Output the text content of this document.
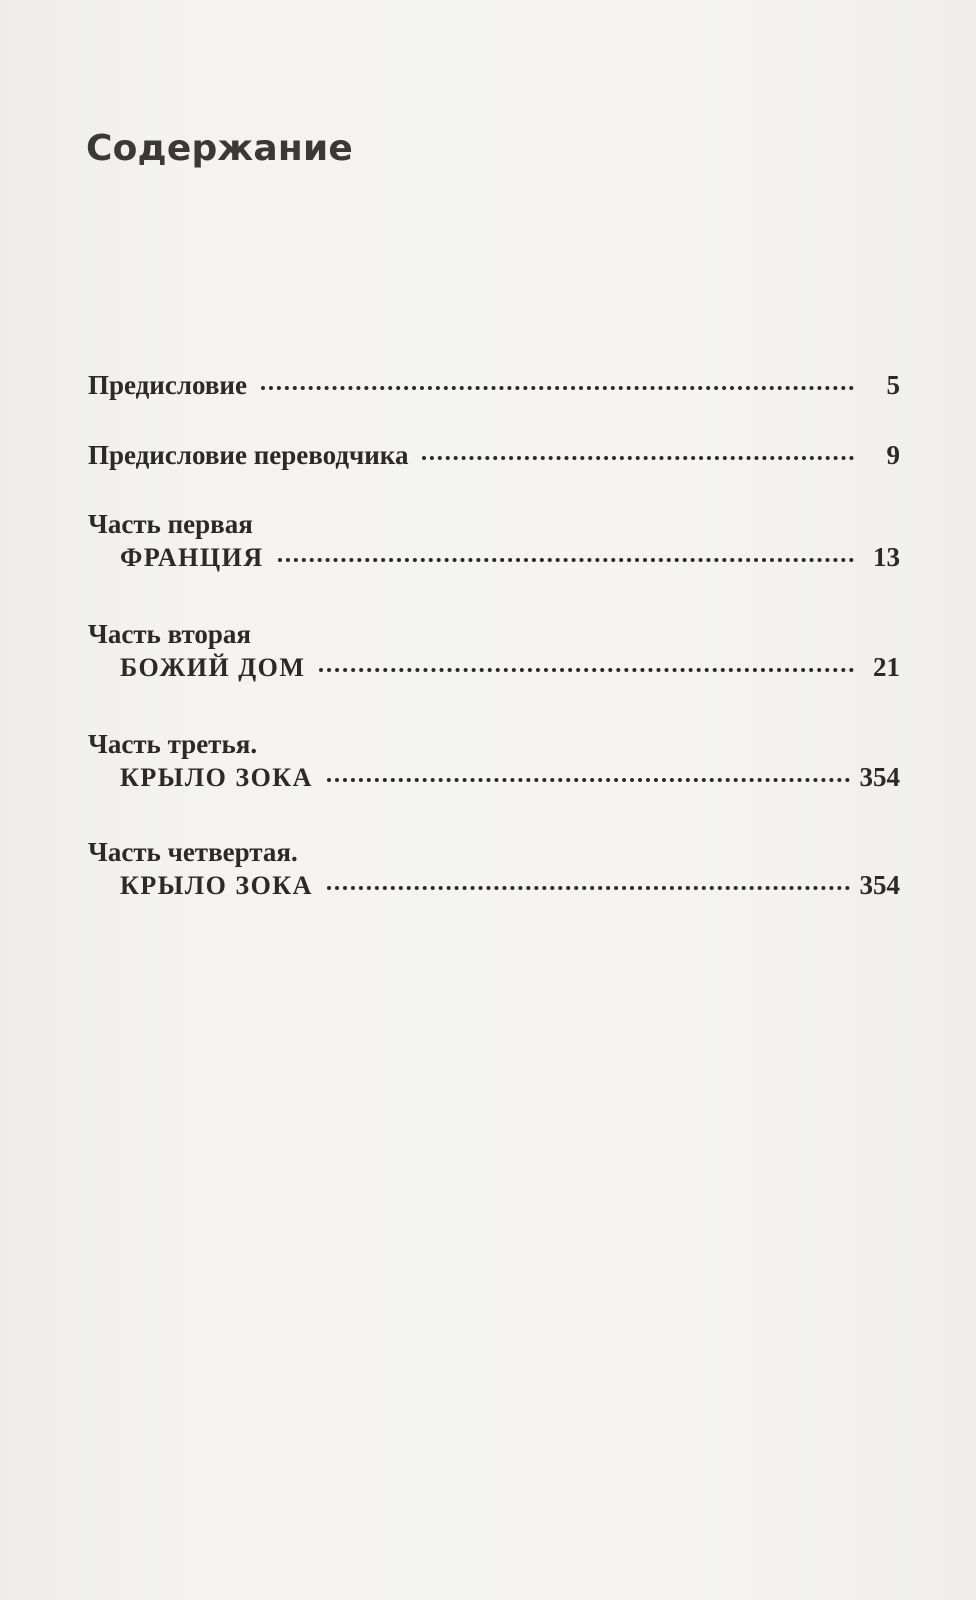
Содержание
Предисловие	5
Предисловие переводчика	9
Часть первая
ФРАНЦИЯ	13
Часть вторая
БОЖИЙ ДОМ	21
Часть третья.
КРЫЛО ЗОКА	354
Часть четвертая.
КРЫЛО ЗОКА	354
